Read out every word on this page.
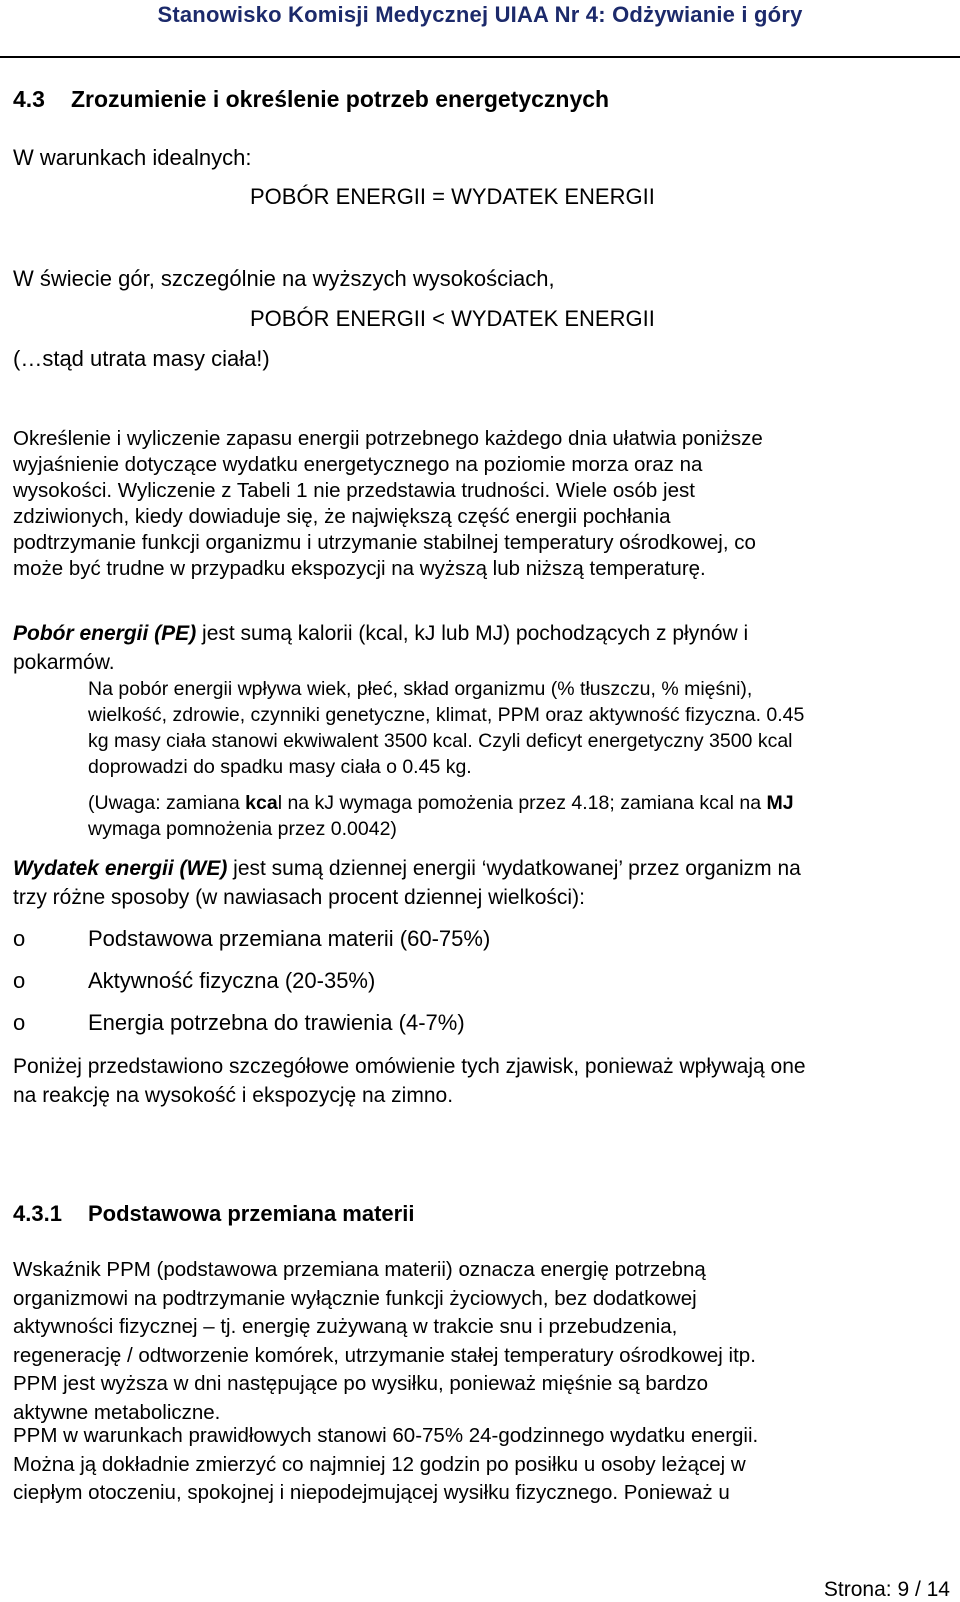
Stanowisko Komisji Medycznej UIAA Nr 4: Odżywianie i góry
4.3 Zrozumienie i określenie potrzeb energetycznych
W warunkach idealnych:
POBÓR ENERGII = WYDATEK ENERGII
W świecie gór, szczególnie na wyższych wysokościach,
POBÓR ENERGII < WYDATEK ENERGII
(…stąd utrata masy ciała!)
Określenie i wyliczenie zapasu energii potrzebnego każdego dnia ułatwia poniższe
wyjaśnienie dotyczące wydatku energetycznego na poziomie morza oraz na
wysokości. Wyliczenie z Tabeli 1 nie przedstawia trudności. Wiele osób jest
zdziwionych, kiedy dowiaduje się, że największą część energii pochłania
podtrzymanie funkcji organizmu i utrzymanie stabilnej temperatury ośrodkowej, co
może być trudne w przypadku ekspozycji na wyższą lub niższą temperaturę.
Pobór energii (PE) jest sumą kalorii (kcal, kJ lub MJ) pochodzących z płynów i
pokarmów.
Na pobór energii wpływa wiek, płeć, skład organizmu (% tłuszczu, % mięśni),
wielkość, zdrowie, czynniki genetyczne, klimat, PPM oraz aktywność fizyczna. 0.45
kg masy ciała stanowi ekwiwalent 3500 kcal. Czyli deficyt energetyczny 3500 kcal
doprowadzi do spadku masy ciała o 0.45 kg.
(Uwaga: zamiana kcal na kJ wymaga pomożenia przez 4.18; zamiana kcal na MJ
wymaga pomnożenia przez 0.0042)
Wydatek energii (WE) jest sumą dziennej energii ‘wydatkowanej’ przez organizm na
trzy różne sposoby (w nawiasach procent dziennej wielkości):
o	Podstawowa przemiana materii (60-75%)
o	Aktywność fizyczna (20-35%)
o	Energia potrzebna do trawienia (4-7%)
Poniżej przedstawiono szczegółowe omówienie tych zjawisk, ponieważ wpływają one
na reakcję na wysokość i ekspozycję na zimno.
4.3.1 Podstawowa przemiana materii
Wskaźnik PPM (podstawowa przemiana materii) oznacza energię potrzebną
organizmowi na podtrzymanie wyłącznie funkcji życiowych, bez dodatkowej
aktywności fizycznej – tj. energię zużywaną w trakcie snu i przebudzenia,
regenerację / odtworzenie komórek, utrzymanie stałej temperatury ośrodkowej itp.
PPM jest wyższa w dni następujące po wysiłku, ponieważ mięśnie są bardzo
aktywne metaboliczne.
PPM w warunkach prawidłowych stanowi 60-75% 24-godzinnego wydatku energii.
Można ją dokładnie zmierzyć co najmniej 12 godzin po posiłku u osoby leżącej w
ciepłym otoczeniu, spokojnej i niepodejmującej wysiłku fizycznego. Ponieważ u
Strona: 9 / 14
